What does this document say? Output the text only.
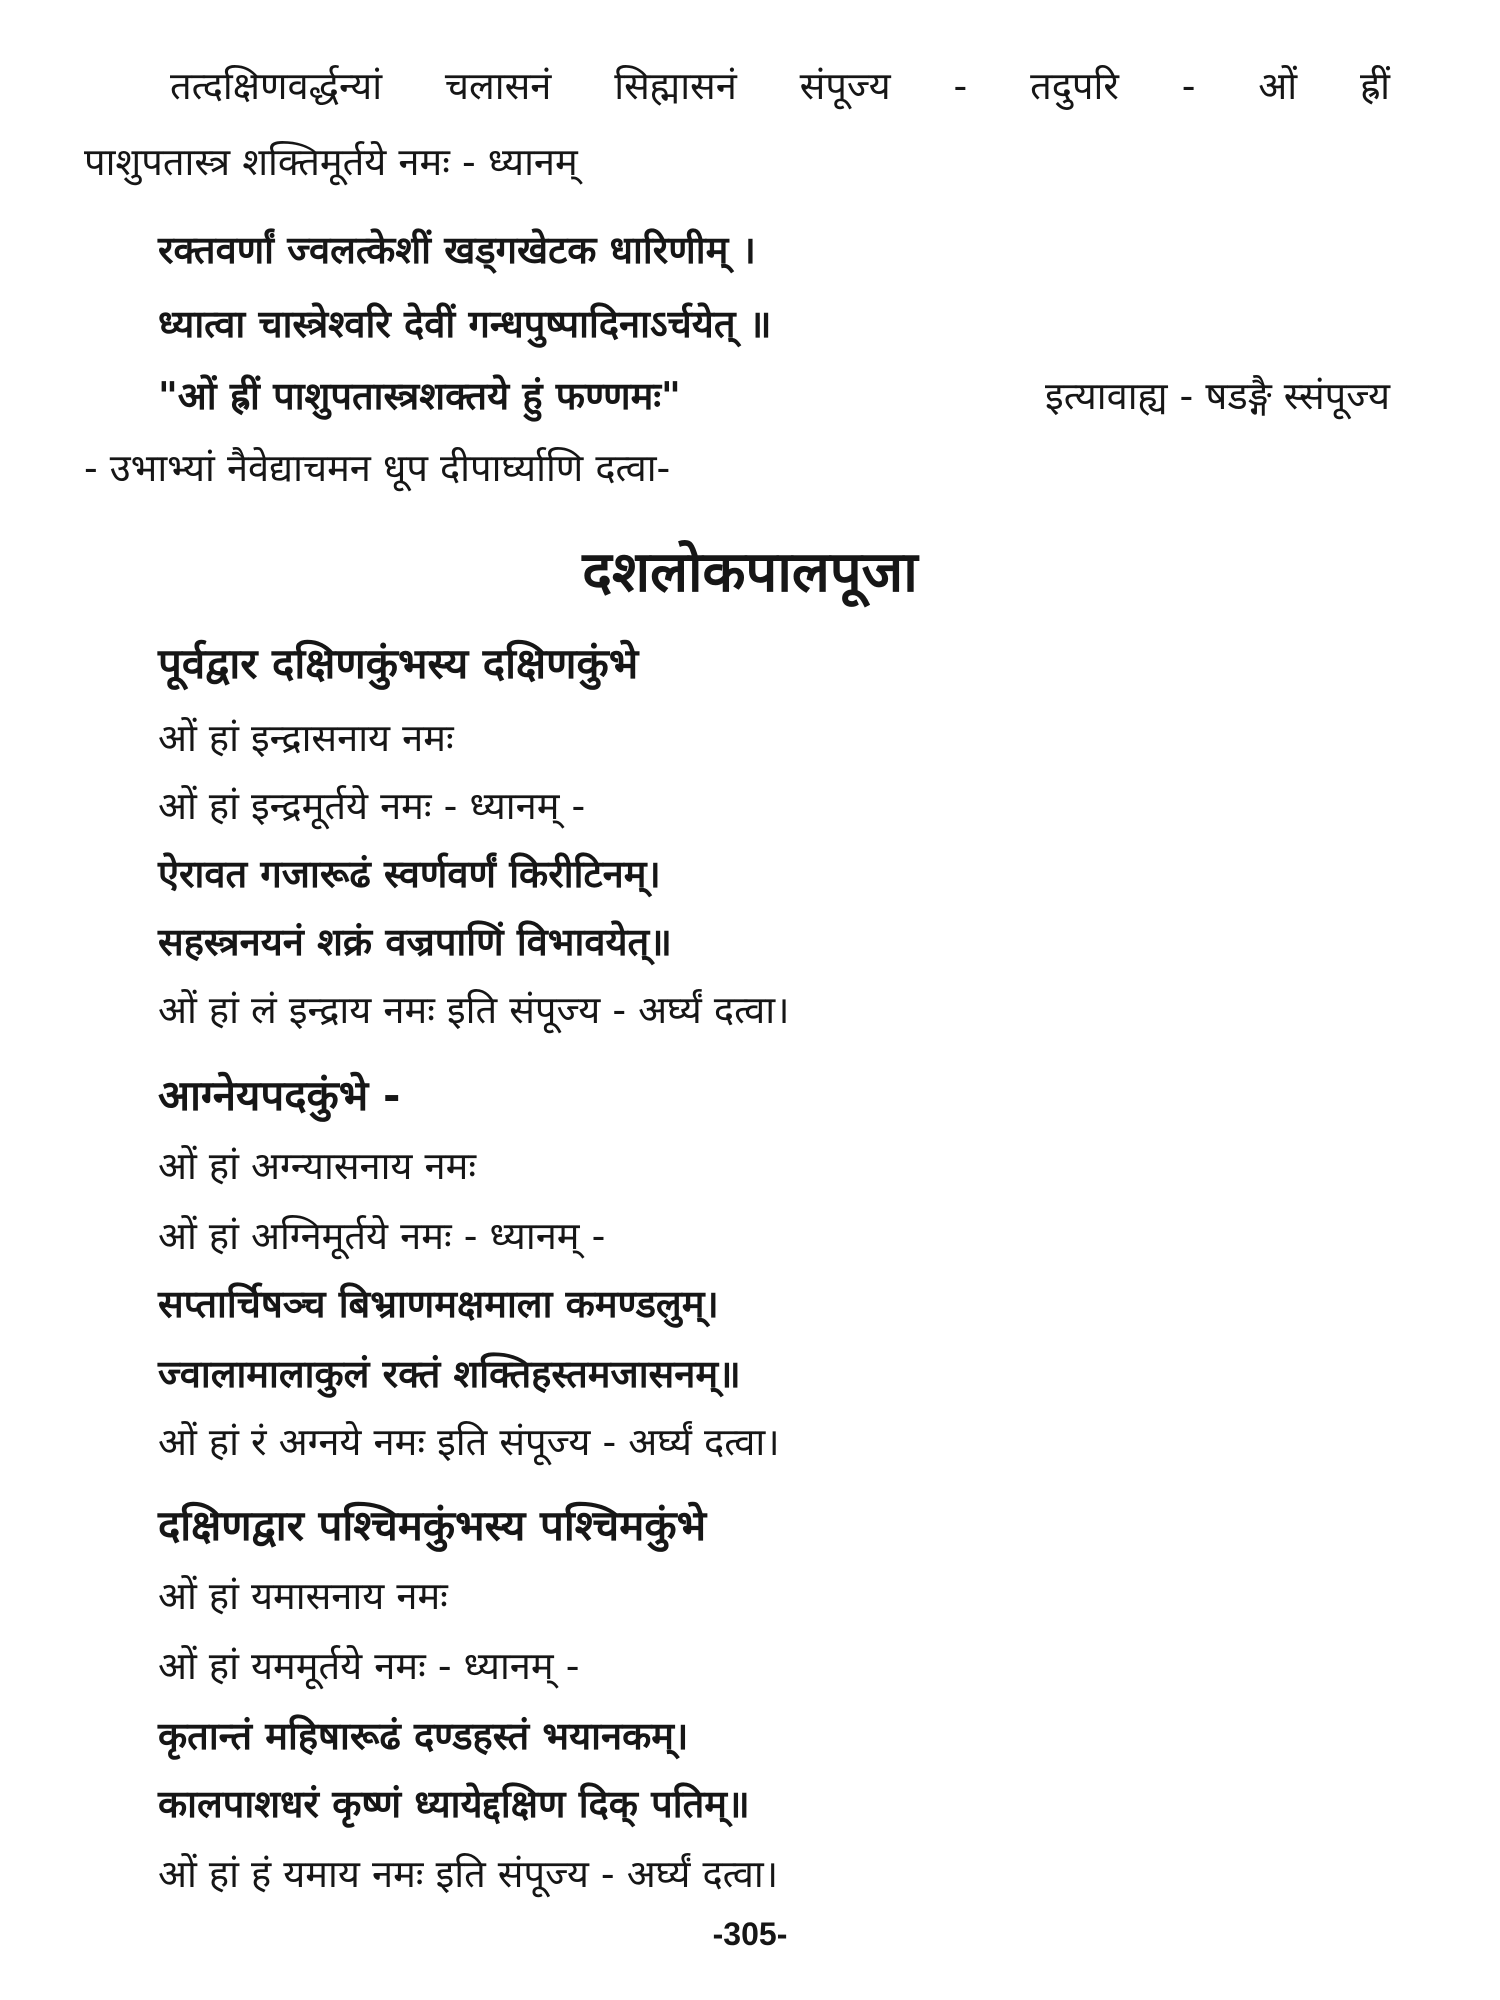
तत्दक्षिणवर्द्धन्यां चलासनं सिह्मासनं संपूज्य - तदुपरि - ओं ह्रीं
पाशुपतास्त्र शक्तिमूर्तये नमः - ध्यानम्
रक्तवर्णां ज्वलत्केशीं खड्गखेटक धारिणीम् ।
ध्यात्वा चास्त्रेश्वरि देवीं गन्धपुष्पादिनाऽर्चयेत् ॥
"ओं ह्रीं पाशुपतास्त्रशक्तये हुं फण्णमः"	इत्यावाह्य - षडङ्गै स्संपूज्य
- उभाभ्यां नैवेद्याचमन धूप दीपार्घ्याणि दत्वा-
दशलोकपालपूजा
पूर्वद्वार दक्षिणकुंभस्य दक्षिणकुंभे
ओं हां इन्द्रासनाय नमः
ओं हां इन्द्रमूर्तये नमः - ध्यानम् -
ऐरावत गजारूढं स्वर्णवर्णं किरीटिनम्।
सहस्त्रनयनं शक्रं वज्रपाणिं विभावयेत्॥
ओं हां लं इन्द्राय नमः इति संपूज्य - अर्घ्यं दत्वा।
आग्नेयपदकुंभे -
ओं हां अग्न्यासनाय नमः
ओं हां अग्निमूर्तये नमः - ध्यानम् -
सप्तार्चिषञ्च बिभ्राणमक्षमाला कमण्डलुम्।
ज्वालामालाकुलं रक्तं शक्तिहस्तमजासनम्॥
ओं हां रं अग्नये नमः इति संपूज्य - अर्घ्यं दत्वा।
दक्षिणद्वार पश्चिमकुंभस्य पश्चिमकुंभे
ओं हां यमासनाय नमः
ओं हां यममूर्तये नमः - ध्यानम् -
कृतान्तं महिषारूढं दण्डहस्तं भयानकम्।
कालपाशधरं कृष्णं ध्यायेद्दक्षिण दिक् पतिम्॥
ओं हां हं यमाय नमः इति संपूज्य - अर्घ्यं दत्वा।
-305-
